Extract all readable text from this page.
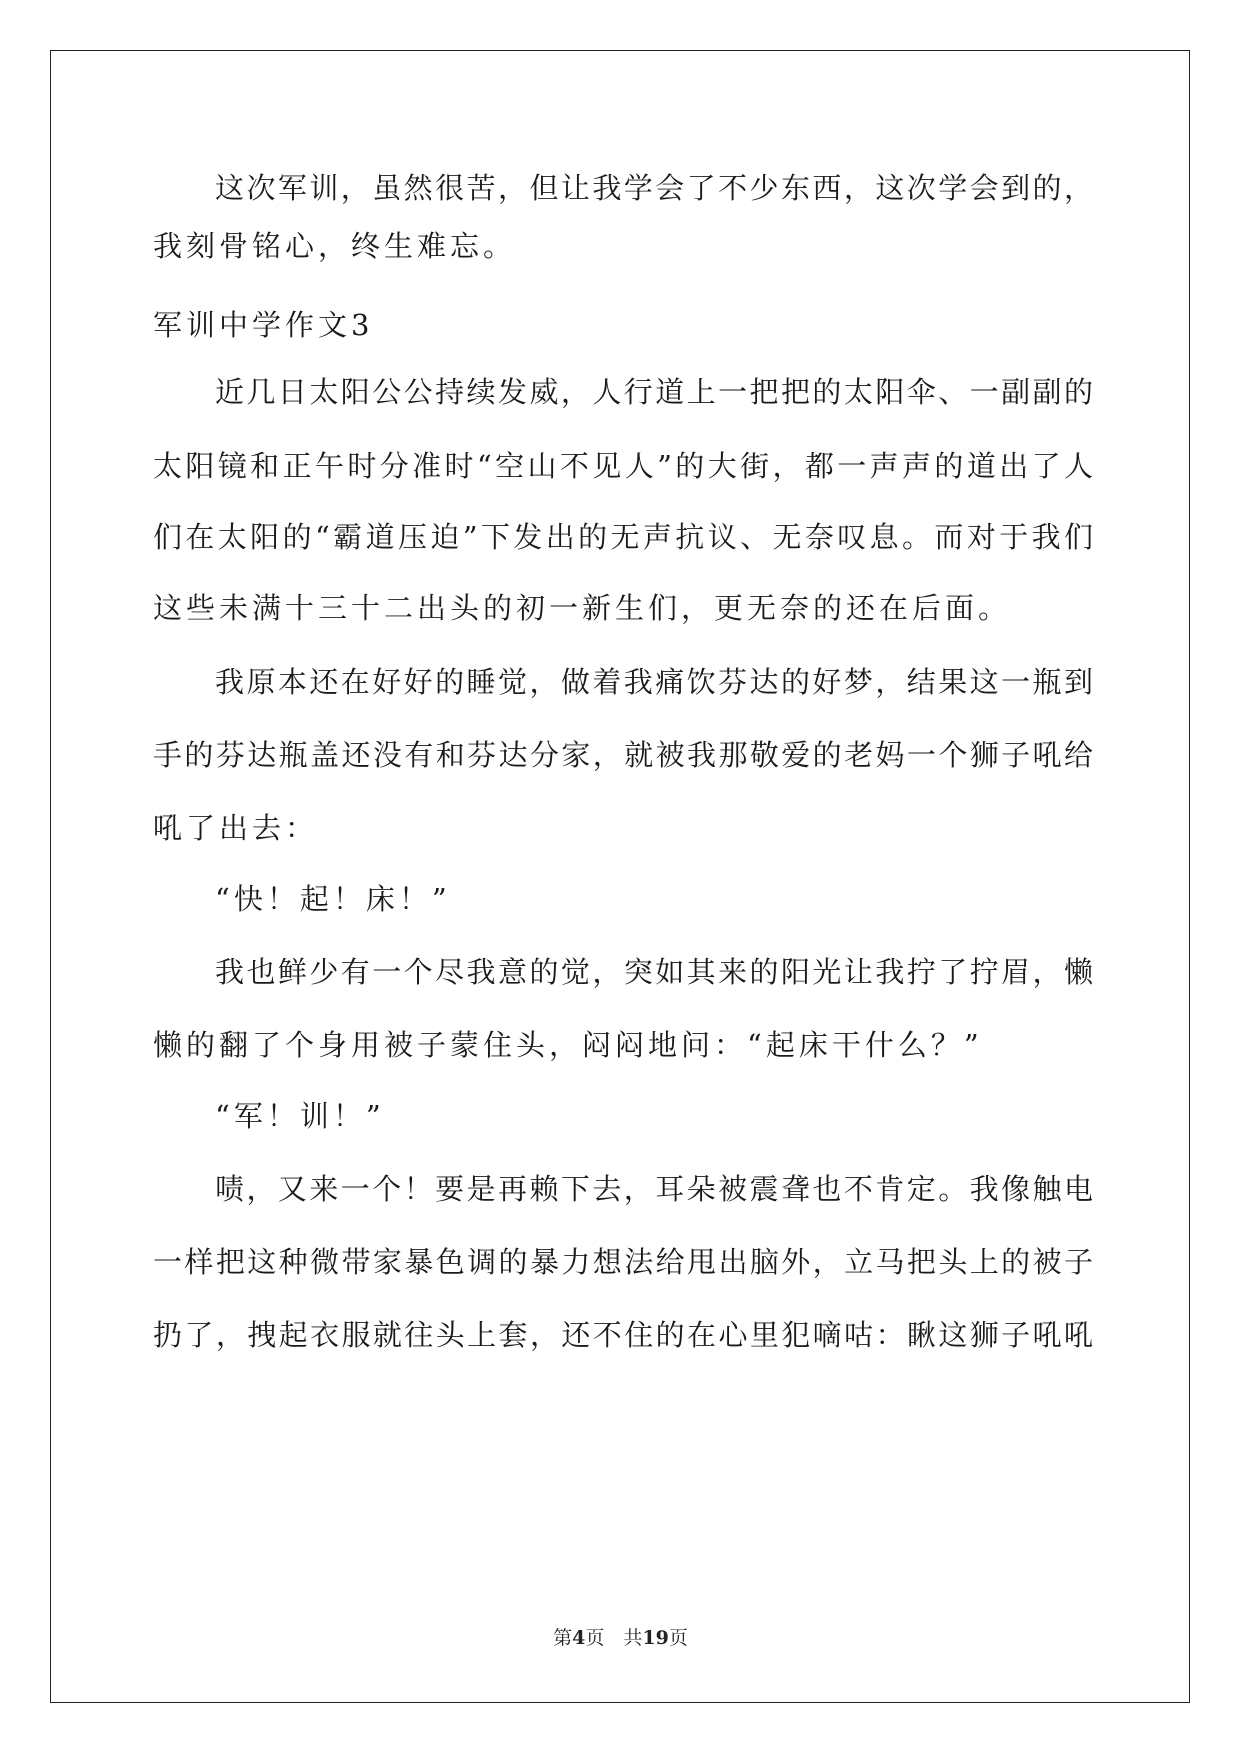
这次军训，虽然很苦，但让我学会了不少东西，这次学会到的，
我刻骨铭心，终生难忘。
军训中学作文3
近几日太阳公公持续发威，人行道上一把把的太阳伞、一副副的
太阳镜和正午时分准时“空山不见人”的大街，都一声声的道出了人
们在太阳的“霸道压迫”下发出的无声抗议、无奈叹息。而对于我们
这些未满十三十二出头的初一新生们，更无奈的还在后面。
我原本还在好好的睡觉，做着我痛饮芬达的好梦，结果这一瓶到
手的芬达瓶盖还没有和芬达分家，就被我那敬爱的老妈一个狮子吼给
吼了出去：
“快！起！床！”
我也鲜少有一个尽我意的觉，突如其来的阳光让我拧了拧眉，懒
懒的翻了个身用被子蒙住头，闷闷地问：“起床干什么？”
“军！训！”
啧，又来一个！要是再赖下去，耳朵被震聋也不肯定。我像触电
一样把这种微带家暴色调的暴力想法给甩出脑外，立马把头上的被子
扔了，拽起衣服就往头上套，还不住的在心里犯嘀咕：瞅这狮子吼吼
第4页　共19页
